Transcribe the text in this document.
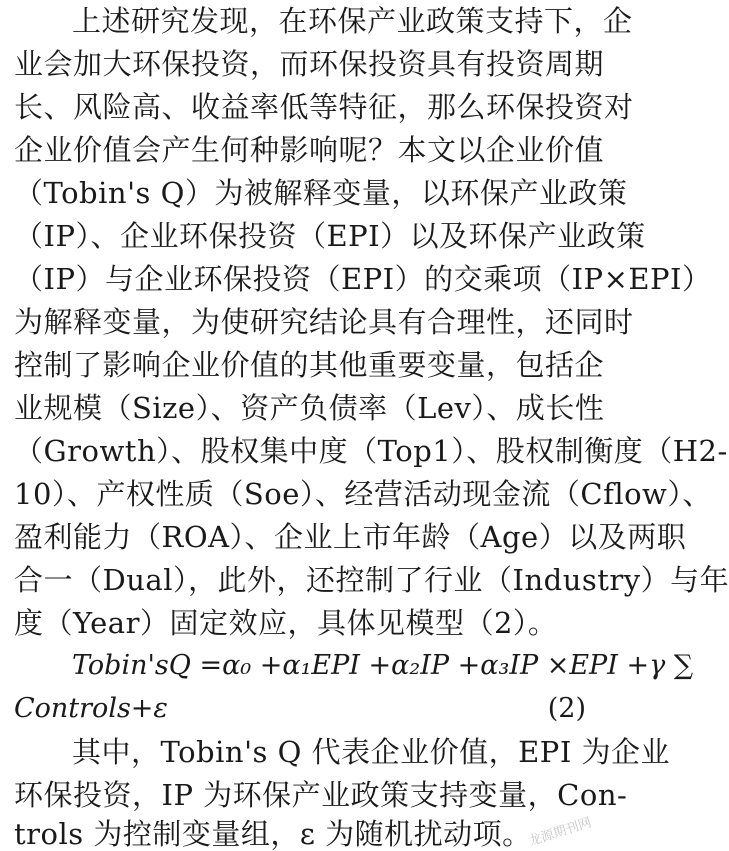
上述研究发现，在环保产业政策支持下，企
业会加大环保投资，而环保投资具有投资周期
长、风险高、收益率低等特征，那么环保投资对
企业价值会产生何种影响呢？本文以企业价值
（Tobin's Q）为被解释变量，以环保产业政策
（IP）、企业环保投资（EPI）以及环保产业政策
（IP）与企业环保投资（EPI）的交乘项（IP×EPI）
为解释变量，为使研究结论具有合理性，还同时
控制了影响企业价值的其他重要变量，包括企
业规模（Size）、资产负债率（Lev）、成长性
（Growth）、股权集中度（Top1）、股权制衡度（H2-
10）、产权性质（Soe）、经营活动现金流（Cflow）、
盈利能力（ROA）、企业上市年龄（Age）以及两职
合一（Dual），此外，还控制了行业（Industry）与年
度（Year）固定效应，具体见模型（2）。
Tobin'sQ =α₀ +α₁EPI +α₂IP +α₃IP ×EPI +γ ∑
Controls+ε	(2)
其中，Tobin's Q 代表企业价值，EPI 为企业
环保投资，IP 为环保产业政策支持变量，Con-
龙源期刊网
trols 为控制变量组，ε 为随机扰动项。
